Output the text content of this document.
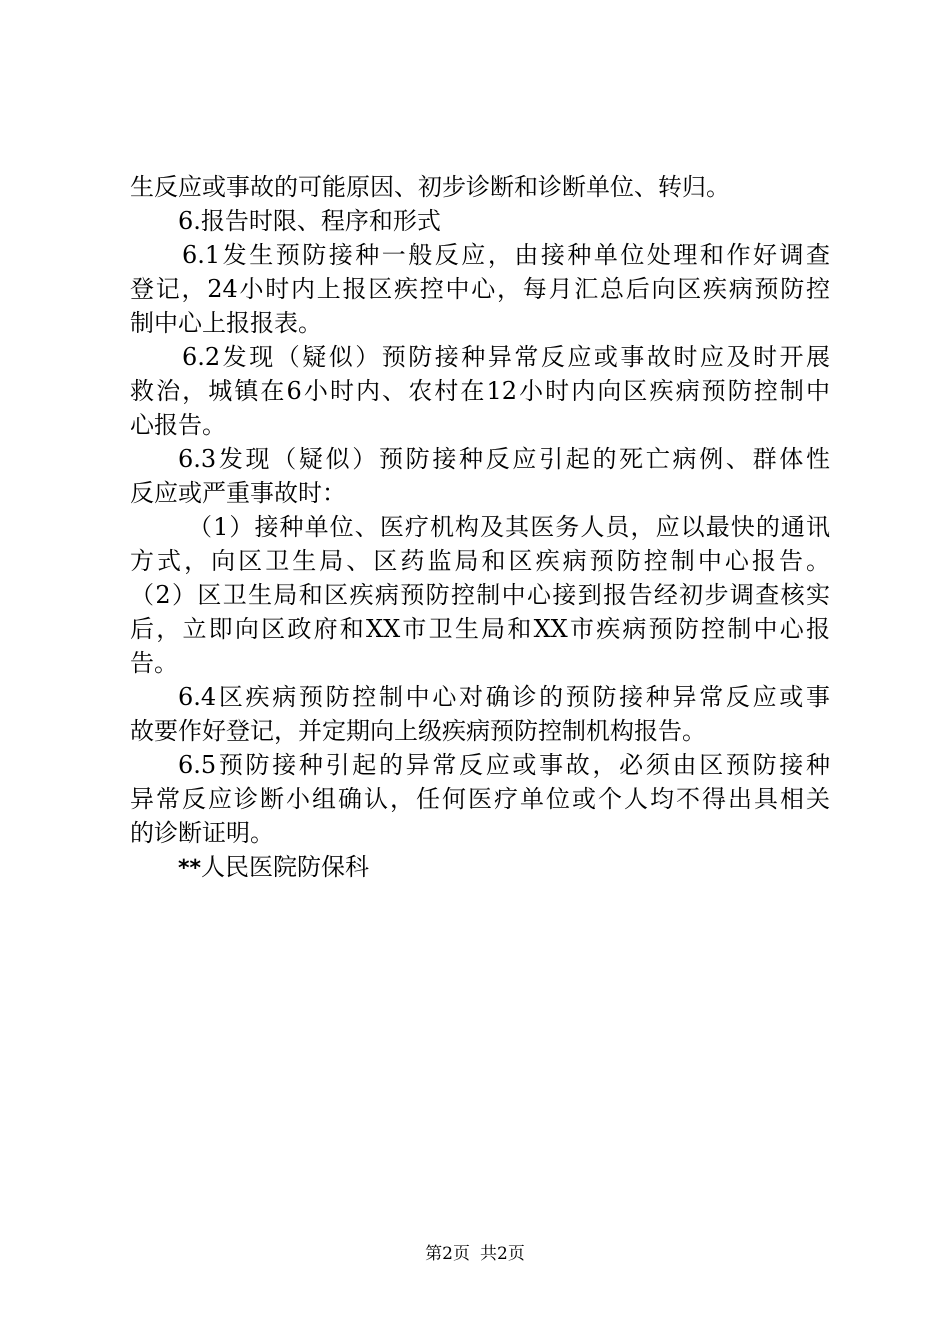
生反应或事故的可能原因、初步诊断和诊断单位、转归。
6.报告时限、程序和形式
6.1发生预防接种一般反应，由接种单位处理和作好调查
登记，24小时内上报区疾控中心，每月汇总后向区疾病预防控
制中心上报报表。
6.2发现（疑似）预防接种异常反应或事故时应及时开展
救治，城镇在6小时内、农村在12小时内向区疾病预防控制中
心报告。
6.3发现（疑似）预防接种反应引起的死亡病例、群体性
反应或严重事故时：
（1）接种单位、医疗机构及其医务人员，应以最快的通讯
方式，向区卫生局、区药监局和区疾病预防控制中心报告。
（2）区卫生局和区疾病预防控制中心接到报告经初步调查核实
后，立即向区政府和XX市卫生局和XX市疾病预防控制中心报
告。
6.4区疾病预防控制中心对确诊的预防接种异常反应或事
故要作好登记，并定期向上级疾病预防控制机构报告。
6.5预防接种引起的异常反应或事故，必须由区预防接种
异常反应诊断小组确认，任何医疗单位或个人均不得出具相关
的诊断证明。
**人民医院防保科
第2页 共2页
